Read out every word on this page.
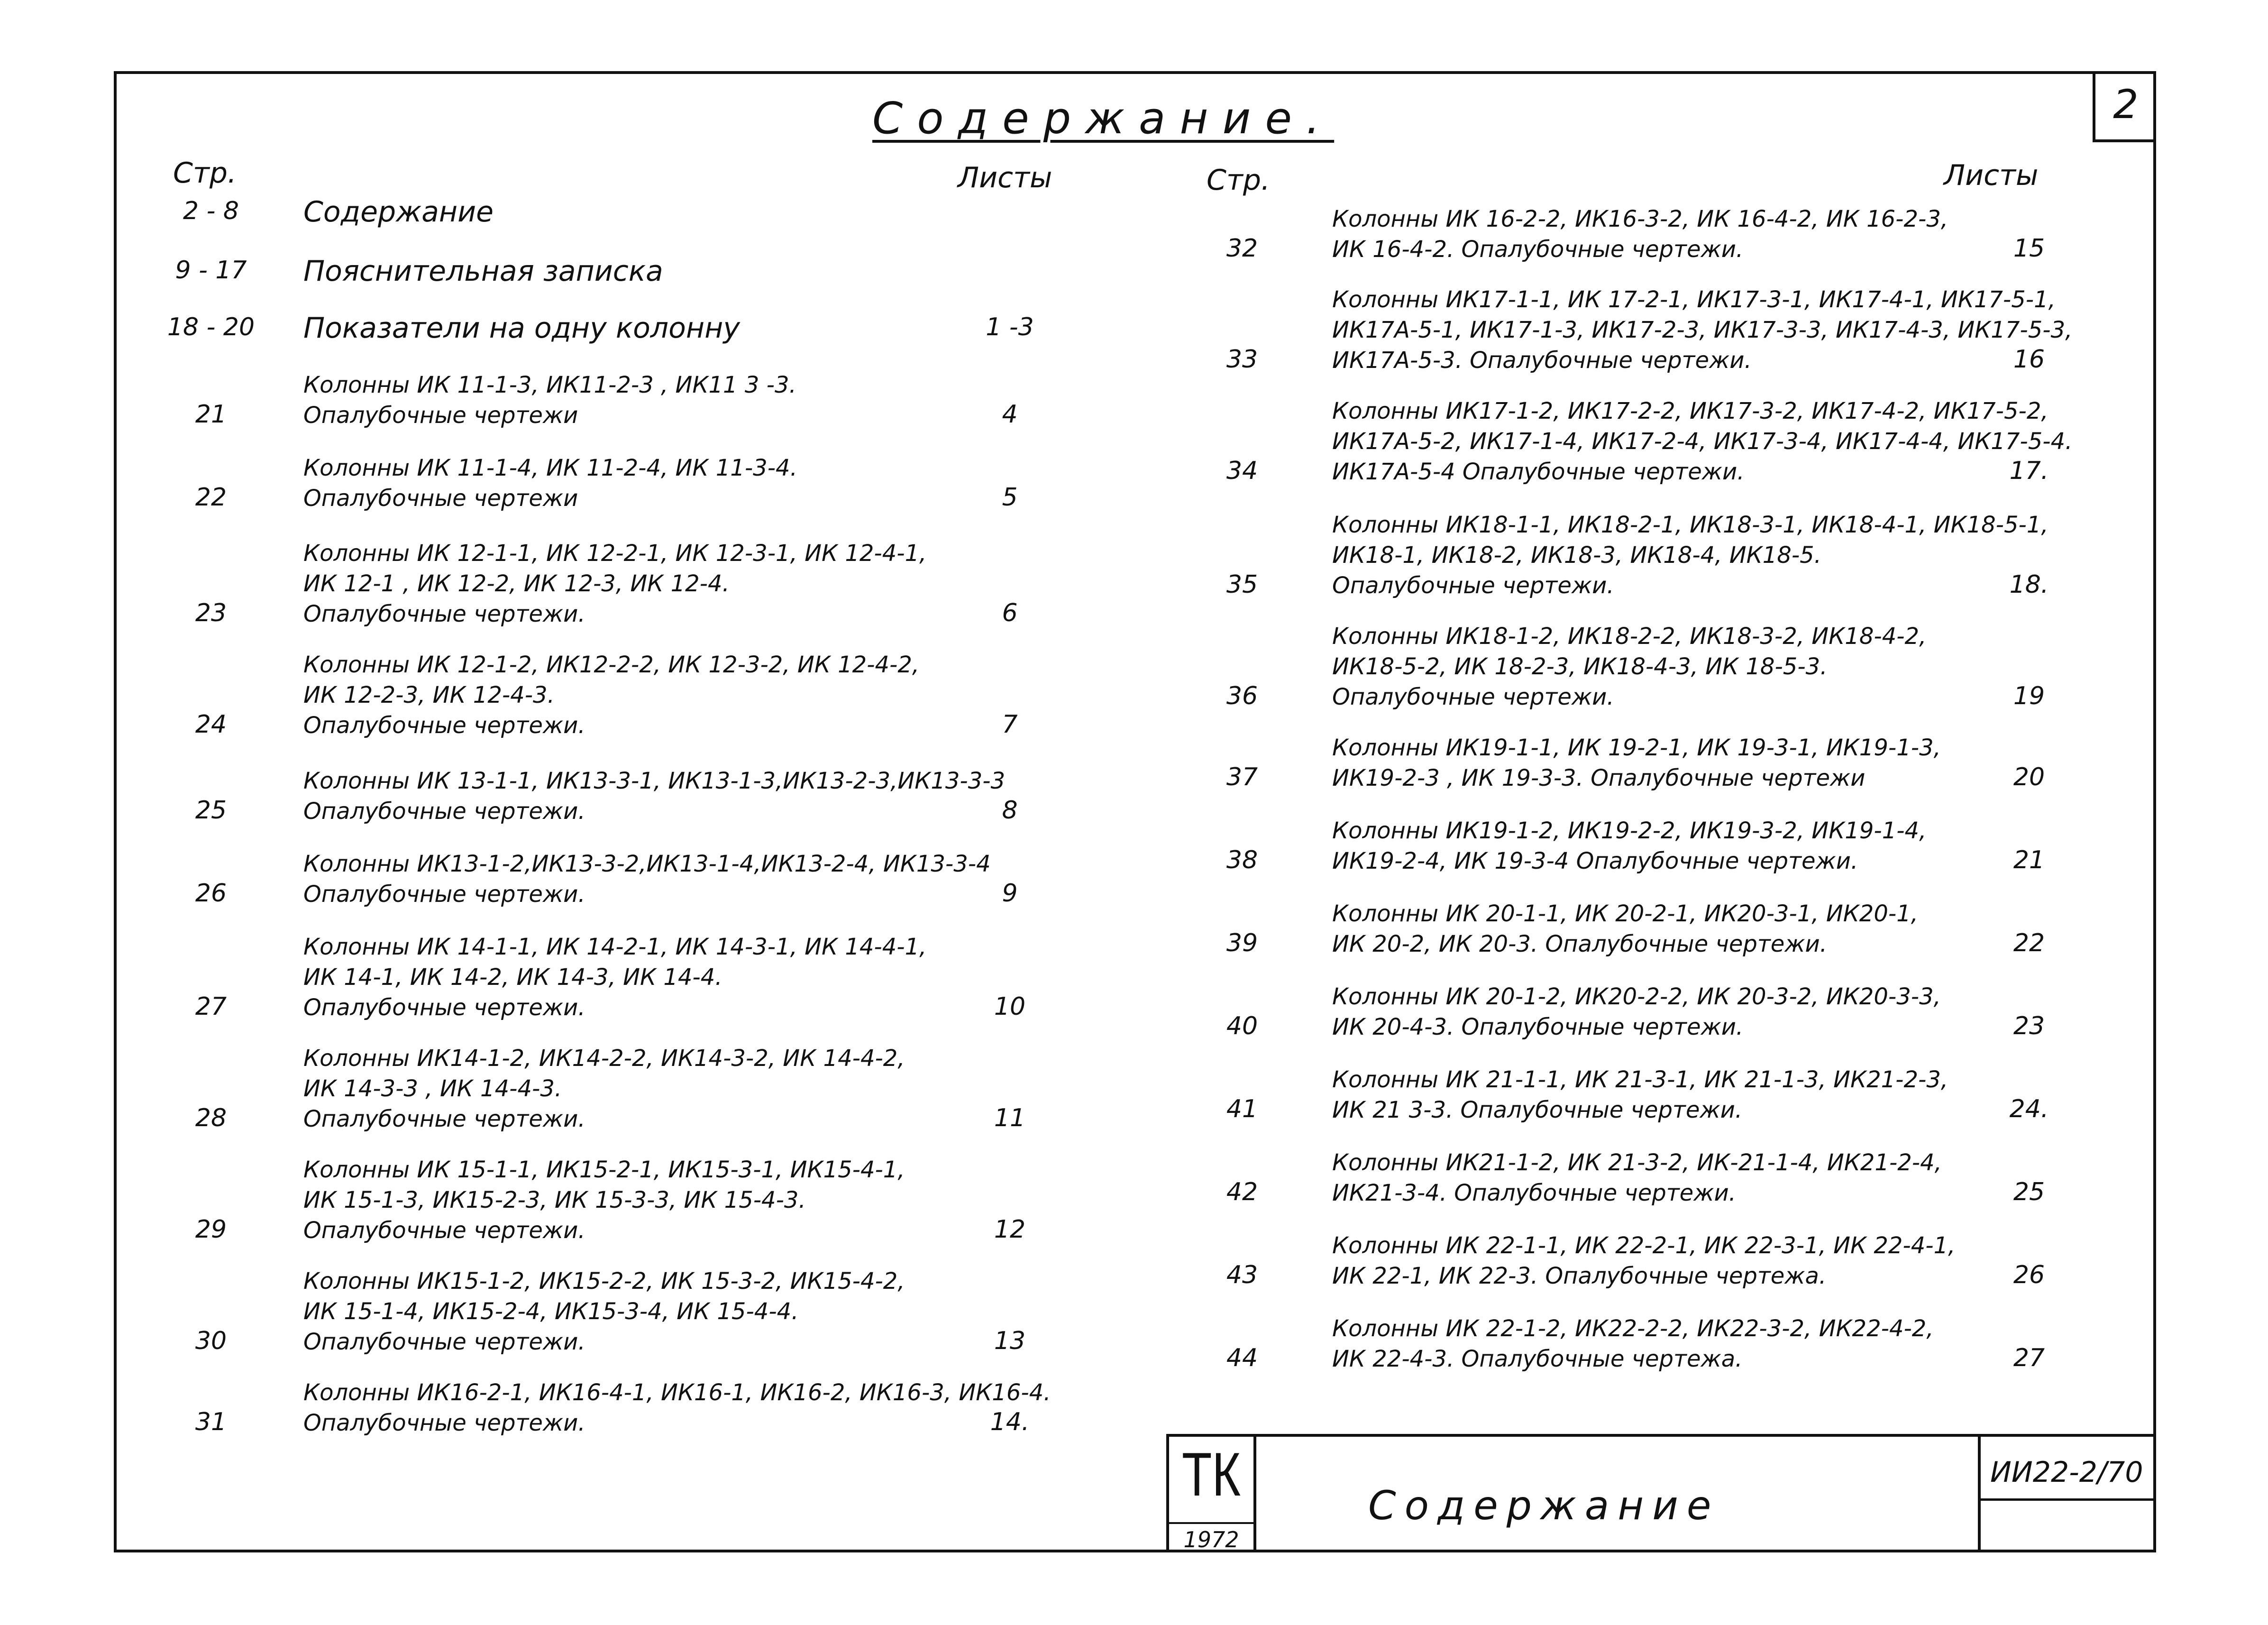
2
Содержание.
Стр.	Листы	Стр.	Листы
2 - 8	Содержание
9 - 17	Пояснительная записка
18 - 20	Показатели на одну колонну	1 -3
21
Колонны ИК 11-1-3, ИК11-2-3 , ИК11 3 -3.
Опалубочные чертежи	4
22
Колонны ИК 11-1-4, ИК 11-2-4, ИК 11-3-4.
Опалубочные чертежи	5
23
Колонны ИК 12-1-1, ИК 12-2-1, ИК 12-3-1, ИК 12-4-1,
ИК 12-1 , ИК 12-2, ИК 12-3, ИК 12-4.
Опалубочные чертежи.	6
24
Колонны ИК 12-1-2, ИК12-2-2, ИК 12-3-2, ИК 12-4-2,
ИК 12-2-3, ИК 12-4-3.
Опалубочные чертежи.	7
25
Колонны ИК 13-1-1, ИК13-3-1, ИК13-1-3,ИК13-2-3,ИК13-3-3
Опалубочные чертежи.	8
26
Колонны ИК13-1-2,ИК13-3-2,ИК13-1-4,ИК13-2-4, ИК13-3-4
Опалубочные чертежи.	9
27
Колонны ИК 14-1-1, ИК 14-2-1, ИК 14-3-1, ИК 14-4-1,
ИК 14-1, ИК 14-2, ИК 14-3, ИК 14-4.
Опалубочные чертежи.	10
28
Колонны ИК14-1-2, ИК14-2-2, ИК14-3-2, ИК 14-4-2,
ИК 14-3-3 , ИК 14-4-3.
Опалубочные чертежи.	11
29
Колонны ИК 15-1-1, ИК15-2-1, ИК15-3-1, ИК15-4-1,
ИК 15-1-3, ИК15-2-3, ИК 15-3-3, ИК 15-4-3.
Опалубочные чертежи.	12
30
Колонны ИК15-1-2, ИК15-2-2, ИК 15-3-2, ИК15-4-2,
ИК 15-1-4, ИК15-2-4, ИК15-3-4, ИК 15-4-4.
Опалубочные чертежи.	13
31
Колонны ИК16-2-1, ИК16-4-1, ИК16-1, ИК16-2, ИК16-3, ИК16-4.
Опалубочные чертежи.	14.
32
Колонны ИК 16-2-2, ИК16-3-2, ИК 16-4-2, ИК 16-2-3,
ИК 16-4-2. Опалубочные чертежи.	15
33
Колонны ИК17-1-1, ИК 17-2-1, ИК17-3-1, ИК17-4-1, ИК17-5-1,
ИК17А-5-1, ИК17-1-3, ИК17-2-3, ИК17-3-3, ИК17-4-3, ИК17-5-3,
ИК17А-5-3. Опалубочные чертежи.	16
34
Колонны ИК17-1-2, ИК17-2-2, ИК17-3-2, ИК17-4-2, ИК17-5-2,
ИК17А-5-2, ИК17-1-4, ИК17-2-4, ИК17-3-4, ИК17-4-4, ИК17-5-4.
ИК17А-5-4 Опалубочные чертежи.	17.
35
Колонны ИК18-1-1, ИК18-2-1, ИК18-3-1, ИК18-4-1, ИК18-5-1,
ИК18-1, ИК18-2, ИК18-3, ИК18-4, ИК18-5.
Опалубочные чертежи.	18.
36
Колонны ИК18-1-2, ИК18-2-2, ИК18-3-2, ИК18-4-2,
ИК18-5-2, ИК 18-2-3, ИК18-4-3, ИК 18-5-3.
Опалубочные чертежи.	19
37
Колонны ИК19-1-1, ИК 19-2-1, ИК 19-3-1, ИК19-1-3,
ИК19-2-3 , ИК 19-3-3. Опалубочные чертежи	20
38
Колонны ИК19-1-2, ИК19-2-2, ИК19-3-2, ИК19-1-4,
ИК19-2-4, ИК 19-3-4 Опалубочные чертежи.	21
39
Колонны ИК 20-1-1, ИК 20-2-1, ИК20-3-1, ИК20-1,
ИК 20-2, ИК 20-3. Опалубочные чертежи.	22
40
Колонны ИК 20-1-2, ИК20-2-2, ИК 20-3-2, ИК20-3-3,
ИК 20-4-3. Опалубочные чертежи.	23
41
Колонны ИК 21-1-1, ИК 21-3-1, ИК 21-1-3, ИК21-2-3,
ИК 21 3-3. Опалубочные чертежи.	24.
42
Колонны ИК21-1-2, ИК 21-3-2, ИК-21-1-4, ИК21-2-4,
ИК21-3-4. Опалубочные чертежи.	25
43
Колонны ИК 22-1-1, ИК 22-2-1, ИК 22-3-1, ИК 22-4-1,
ИК 22-1, ИК 22-3. Опалубочные чертежа.	26
44
Колонны ИК 22-1-2, ИК22-2-2, ИК22-3-2, ИК22-4-2,
ИК 22-4-3. Опалубочные чертежа.	27
ТК
1972
Содержание
ИИ22-2/70
